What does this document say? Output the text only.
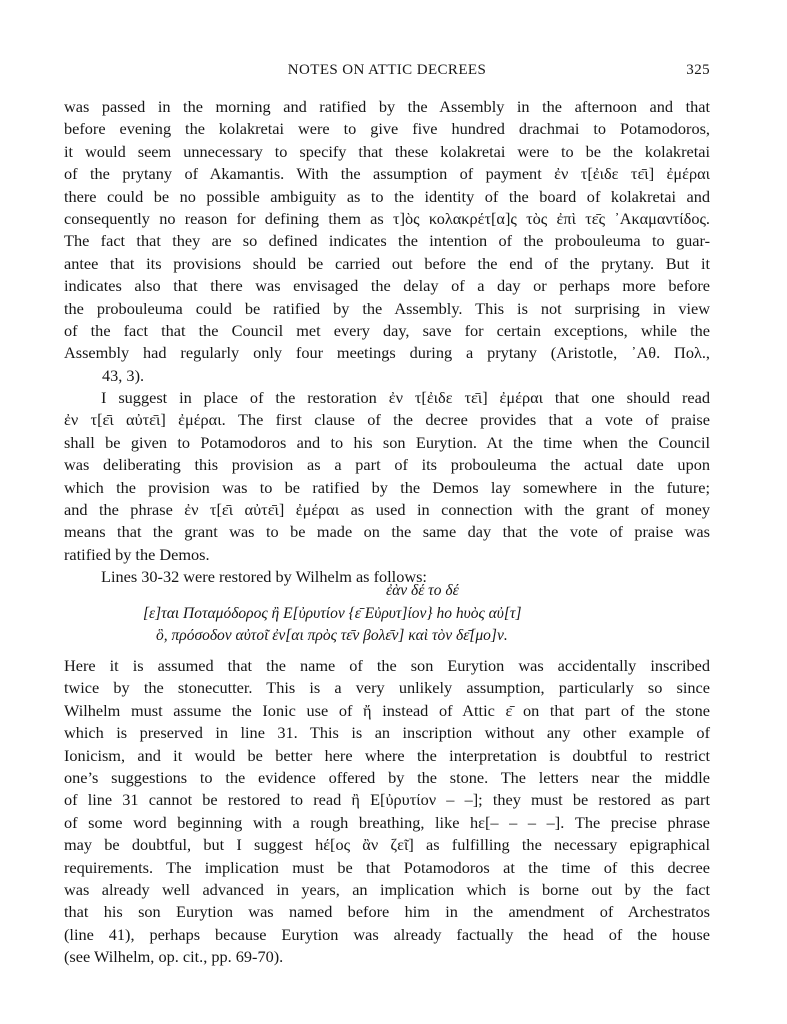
NOTES ON ATTIC DECREES	325
was passed in the morning and ratified by the Assembly in the afternoon and that
before evening the kolakretai were to give five hundred drachmai to Potamodoros,
it would seem unnecessary to specify that these kolakretai were to be the kolakretai
of the prytany of Akamantis. With the assumption of payment ἐν τ[ἐιδε τε̄ι] ἐμέραι
there could be no possible ambiguity as to the identity of the board of kolakretai and
consequently no reason for defining them as τ]ὸς κολακρέτ[α]ς τὸς ἐπὶ τε̄ς ᾿Ακαμαντίδος.
The fact that they are so defined indicates the intention of the probouleuma to guar-
antee that its provisions should be carried out before the end of the prytany. But it
indicates also that there was envisaged the delay of a day or perhaps more before
the probouleuma could be ratified by the Assembly. This is not surprising in view
of the fact that the Council met every day, save for certain exceptions, while the
Assembly had regularly only four meetings during a prytany (Aristotle, ᾿Αθ. Πολ.,
43, 3).
I suggest in place of the restoration ἐν τ[ἐιδε τε̄ι] ἐμέραι that one should read
ἐν τ[ε̄ι αὐτε̄ι] ἐμέραι. The first clause of the decree provides that a vote of praise
shall be given to Potamodoros and to his son Eurytion. At the time when the Council
was deliberating this provision as a part of its probouleuma the actual date upon
which the provision was to be ratified by the Demos lay somewhere in the future;
and the phrase ἐν τ[ε̄ι αὐτε̄ι] ἐμέραι as used in connection with the grant of money
means that the grant was to be made on the same day that the vote of praise was
ratified by the Demos.
Lines 30-32 were restored by Wilhelm as follows:
ἐὰν δέ το δέ
[ε]ται Ποταμόδορος ἢ Ε[ὐρυτίον {ε̄ Εὐρυτ]ίον} ho hυὸς αὐ[τ]
ὃ, πρόσοδον αὐτο̃ι ἐν[αι πρὸς τε̄ν βολε̄ν] καὶ τὸν δε̄[μο]ν.
Here it is assumed that the name of the son Eurytion was accidentally inscribed
twice by the stonecutter. This is a very unlikely assumption, particularly so since
Wilhelm must assume the Ionic use of ἤ instead of Attic ε̄ on that part of the stone
which is preserved in line 31. This is an inscription without any other example of
Ionicism, and it would be better here where the interpretation is doubtful to restrict
one’s suggestions to the evidence offered by the stone. The letters near the middle
of line 31 cannot be restored to read ἢ Ε[ὐρυτίον – –]; they must be restored as part
of some word beginning with a rough breathing, like hε[– – – –]. The precise phrase
may be doubtful, but I suggest hέ[ος ἂν ζε̃ι] as fulfilling the necessary epigraphical
requirements. The implication must be that Potamodoros at the time of this decree
was already well advanced in years, an implication which is borne out by the fact
that his son Eurytion was named before him in the amendment of Archestratos
(line 41), perhaps because Eurytion was already factually the head of the house
(see Wilhelm, op. cit., pp. 69-70).
